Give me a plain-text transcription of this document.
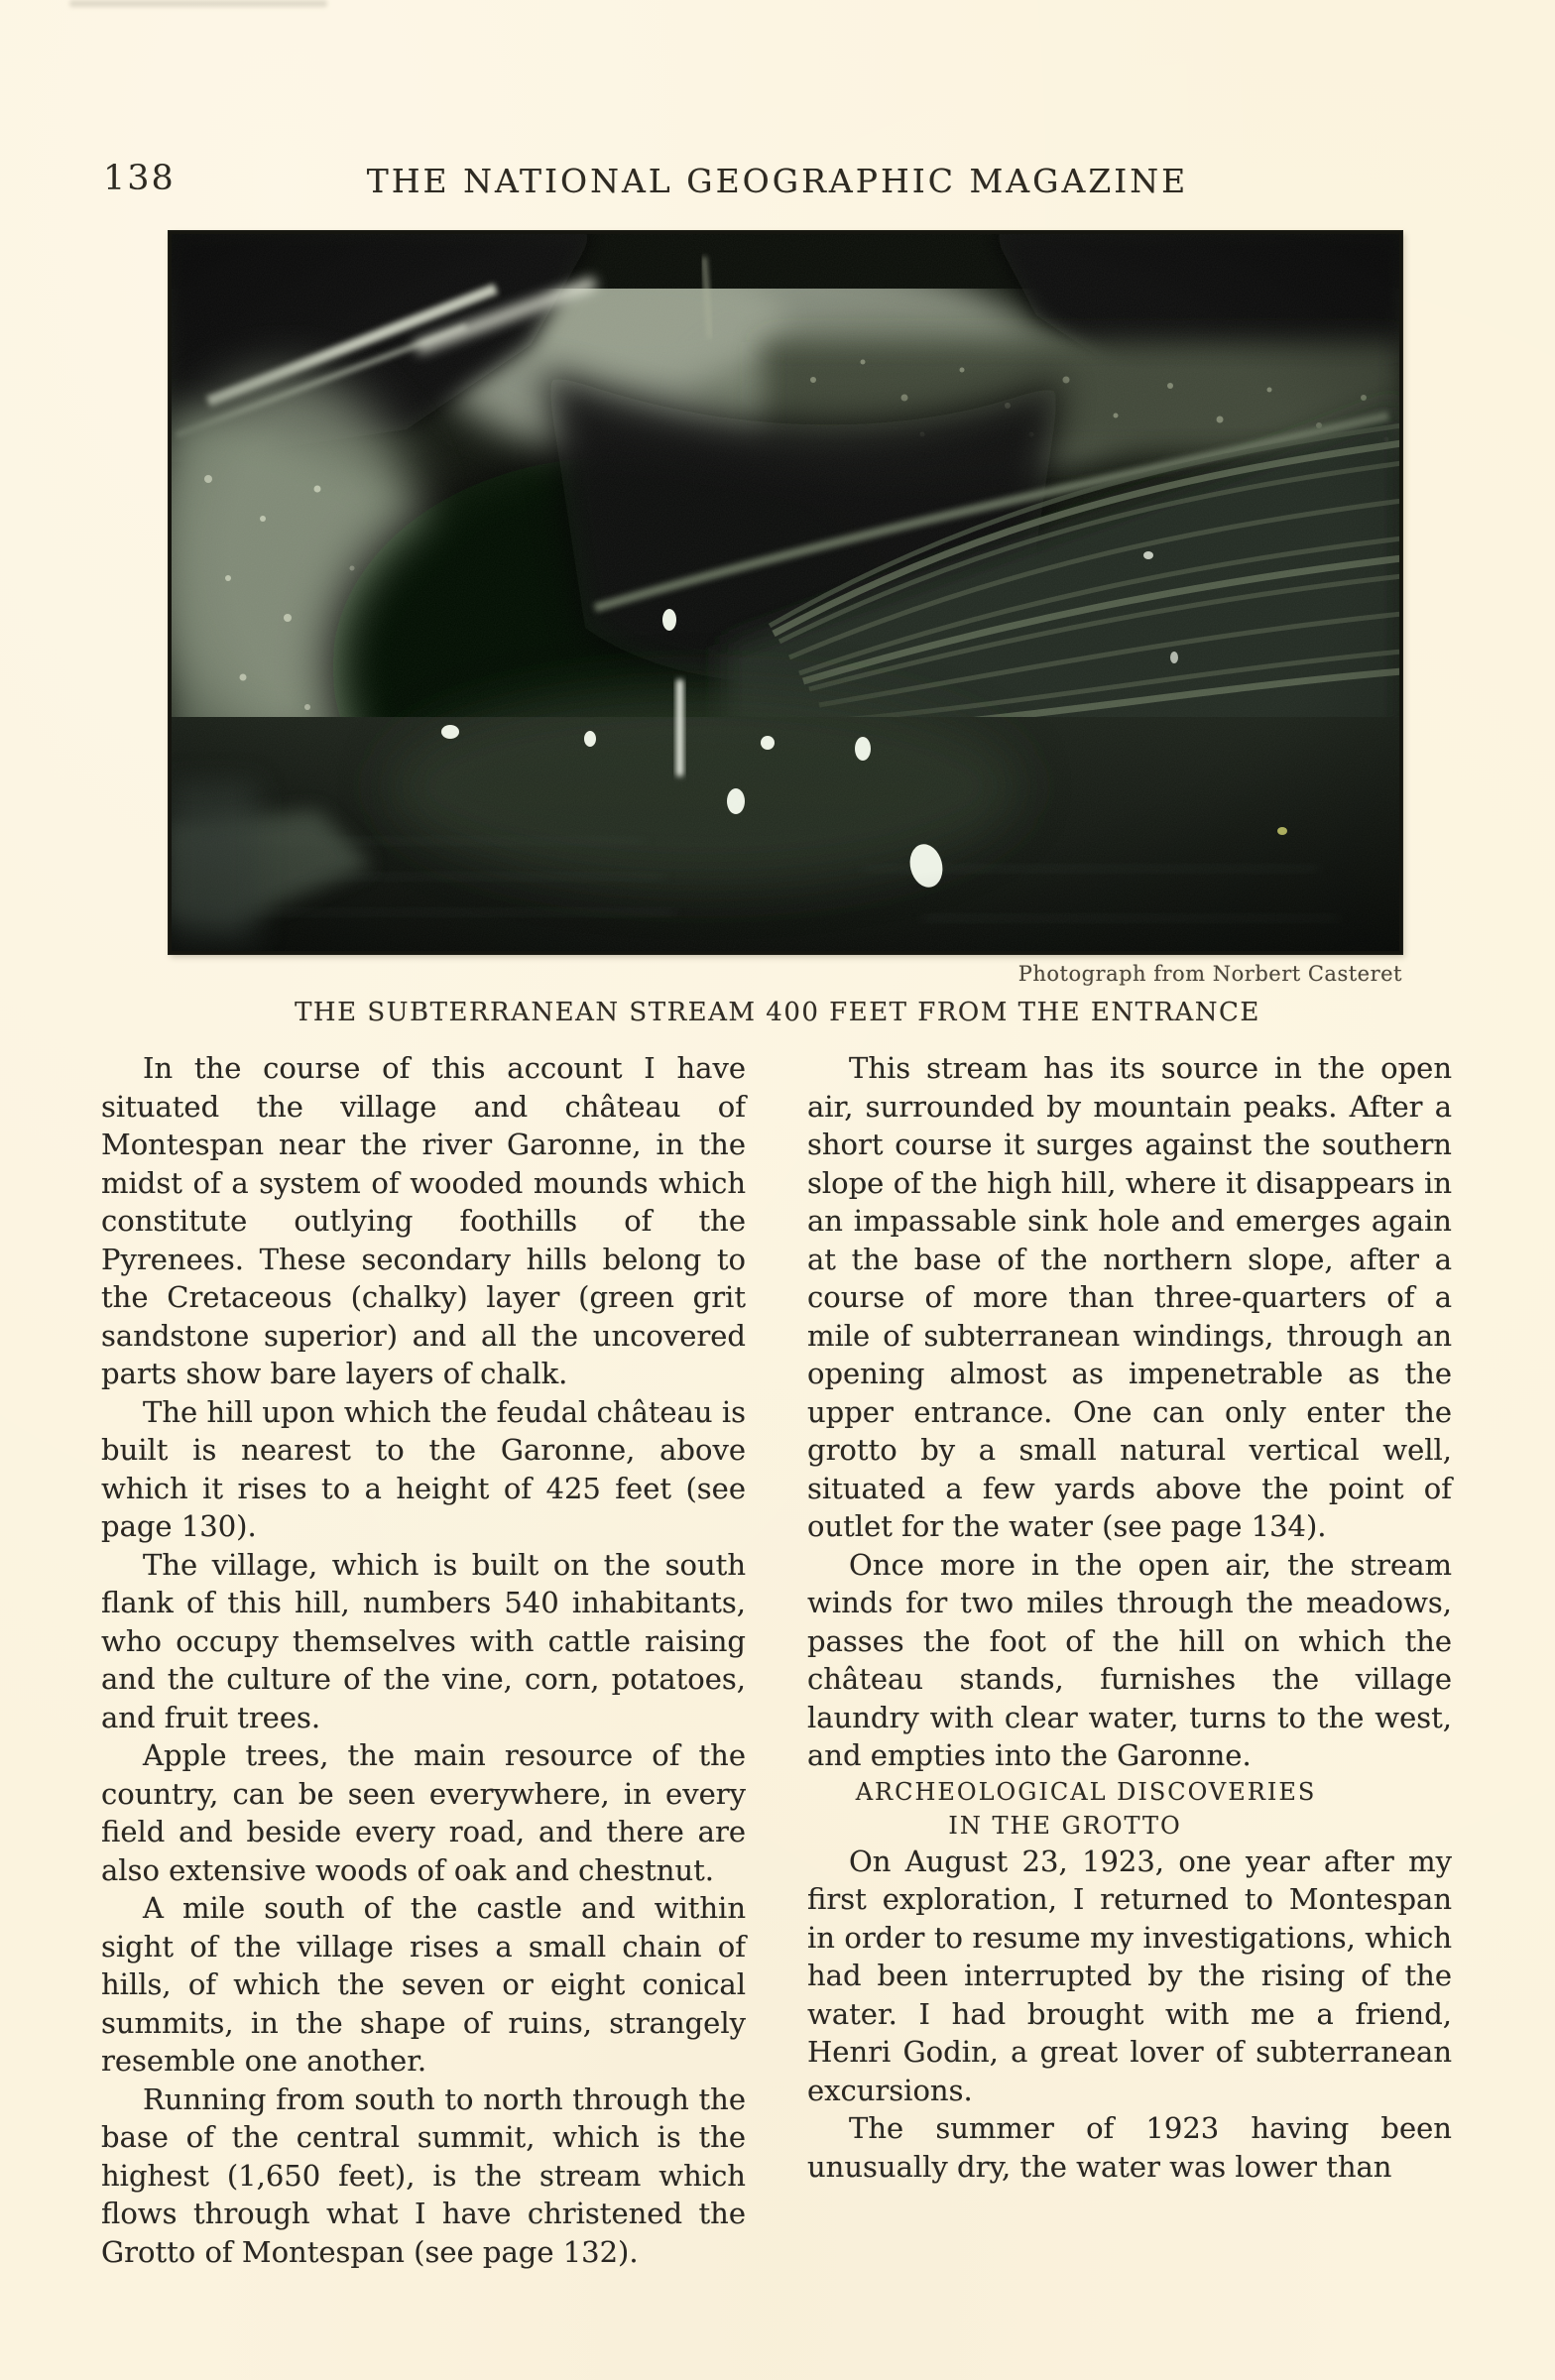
138	THE NATIONAL GEOGRAPHIC MAGAZINE
Photograph from Norbert Casteret
THE SUBTERRANEAN STREAM 400 FEET FROM THE ENTRANCE

In the course of this account I have situated the village and château of Montespan near the river Garonne, in the midst of a system of wooded mounds which constitute outlying foothills of the Pyrenees. These secondary hills belong to the Cretaceous (chalky) layer (green grit sandstone superior) and all the uncovered parts show bare layers of chalk.

The hill upon which the feudal château is built is nearest to the Garonne, above which it rises to a height of 425 feet (see page 130).

The village, which is built on the south flank of this hill, numbers 540 inhabitants, who occupy themselves with cattle raising and the culture of the vine, corn, potatoes, and fruit trees.

Apple trees, the main resource of the country, can be seen everywhere, in every field and beside every road, and there are also extensive woods of oak and chestnut.

A mile south of the castle and within sight of the village rises a small chain of hills, of which the seven or eight conical summits, in the shape of ruins, strangely resemble one another.

Running from south to north through the base of the central summit, which is the highest (1,650 feet), is the stream which flows through what I have christened the Grotto of Montespan (see page 132).

This stream has its source in the open air, surrounded by mountain peaks. After a short course it surges against the southern slope of the high hill, where it disappears in an impassable sink hole and emerges again at the base of the northern slope, after a course of more than three-quarters of a mile of subterranean windings, through an opening almost as impenetrable as the upper entrance. One can only enter the grotto by a small natural vertical well, situated a few yards above the point of outlet for the water (see page 134).

Once more in the open air, the stream winds for two miles through the meadows, passes the foot of the hill on which the château stands, furnishes the village laundry with clear water, turns to the west, and empties into the Garonne.

ARCHEOLOGICAL DISCOVERIES IN THE GROTTO

On August 23, 1923, one year after my first exploration, I returned to Montespan in order to resume my investigations, which had been interrupted by the rising of the water. I had brought with me a friend, Henri Godin, a great lover of subterranean excursions.

The summer of 1923 having been unusually dry, the water was lower than
